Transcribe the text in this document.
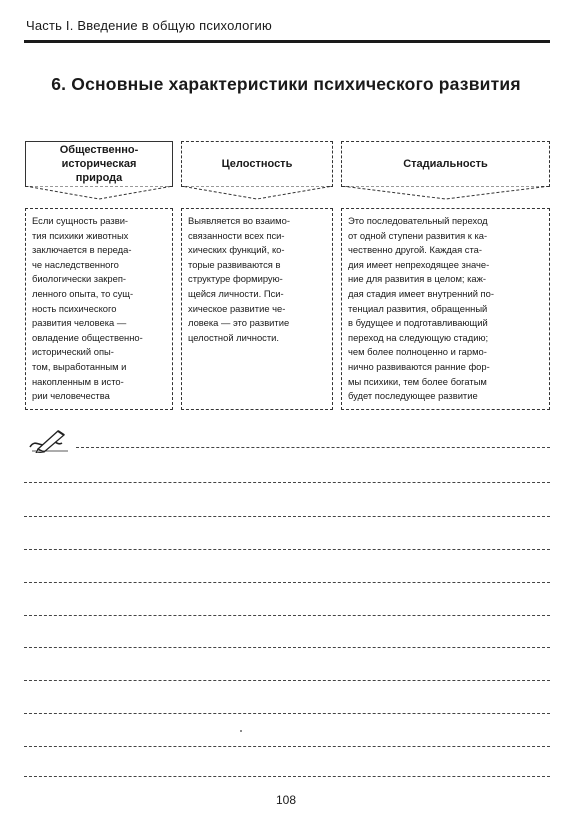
Часть I. Введение в общую психологию
6. Основные характеристики психического развития
Общественно-
историческая
природа
Целостность	Стадиальность
Если сущность разви-
тия психики животных
заключается в переда-
че наследственного
биологически закреп-
ленного опыта, то сущ-
ность психического
развития человека —
овладение общественно-
исторический опы-
том, выработанным и
накопленным в исто-
рии человечества
Выявляется во взаимо-
связанности всех пси-
хических функций, ко-
торые развиваются в
структуре формирую-
щейся личности. Пси-
хическое развитие че-
ловека — это развитие
целостной личности.
Это последовательный переход
от одной ступени развития к ка-
чественно другой. Каждая ста-
дия имеет непреходящее значе-
ние для развития в целом; каж-
дая стадия имеет внутренний по-
тенциал развития, обращенный
в будущее и подготавливающий
переход на следующую стадию;
чем более полноценно и гармо-
нично развиваются ранние фор-
мы психики, тем более богатым
будет последующее развитие
108
